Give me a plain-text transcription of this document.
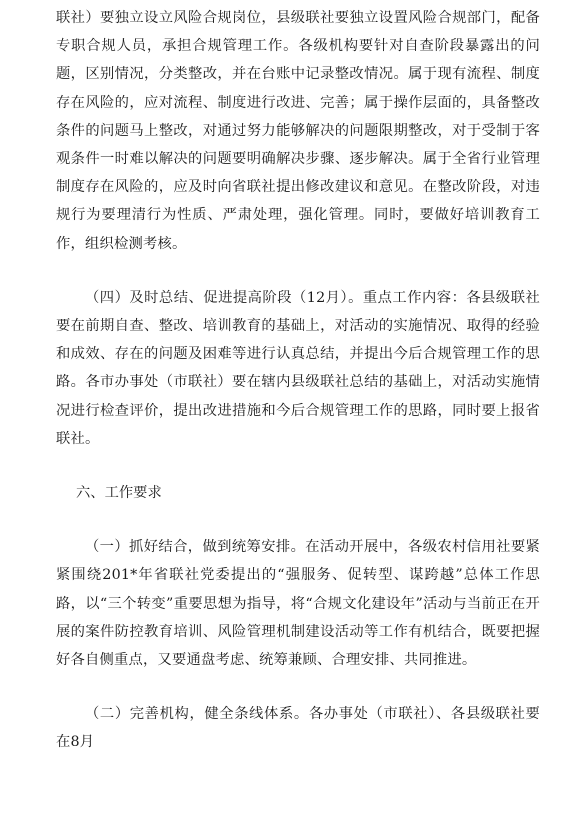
联社）要独立设立风险合规岗位，县级联社要独立设置风险合规部门，配备专职合规人员，承担合规管理工作。各级机构要针对自查阶段暴露出的问题，区别情况，分类整改，并在台账中记录整改情况。属于现有流程、制度存在风险的，应对流程、制度进行改进、完善；属于操作层面的，具备整改条件的问题马上整改，对通过努力能够解决的问题限期整改，对于受制于客观条件一时难以解决的问题要明确解决步骤、逐步解决。属于全省行业管理制度存在风险的，应及时向省联社提出修改建议和意见。在整改阶段，对违规行为要理清行为性质、严肃处理，强化管理。同时，要做好培训教育工作，组织检测考核。

（四）及时总结、促进提高阶段（12月）。重点工作内容：各县级联社要在前期自查、整改、培训教育的基础上，对活动的实施情况、取得的经验和成效、存在的问题及困难等进行认真总结，并提出今后合规管理工作的思路。各市办事处（市联社）要在辖内县级联社总结的基础上，对活动实施情况进行检查评价，提出改进措施和今后合规管理工作的思路，同时要上报省联社。

六、工作要求

（一）抓好结合，做到统筹安排。在活动开展中，各级农村信用社要紧紧围绕201*年省联社党委提出的“强服务、促转型、谋跨越”总体工作思路，以“三个转变”重要思想为指导，将“合规文化建设年”活动与当前正在开展的案件防控教育培训、风险管理机制建设活动等工作有机结合，既要把握好各自侧重点，又要通盘考虑、统筹兼顾、合理安排、共同推进。

（二）完善机构，健全条线体系。各办事处（市联社）、各县级联社要在8月
